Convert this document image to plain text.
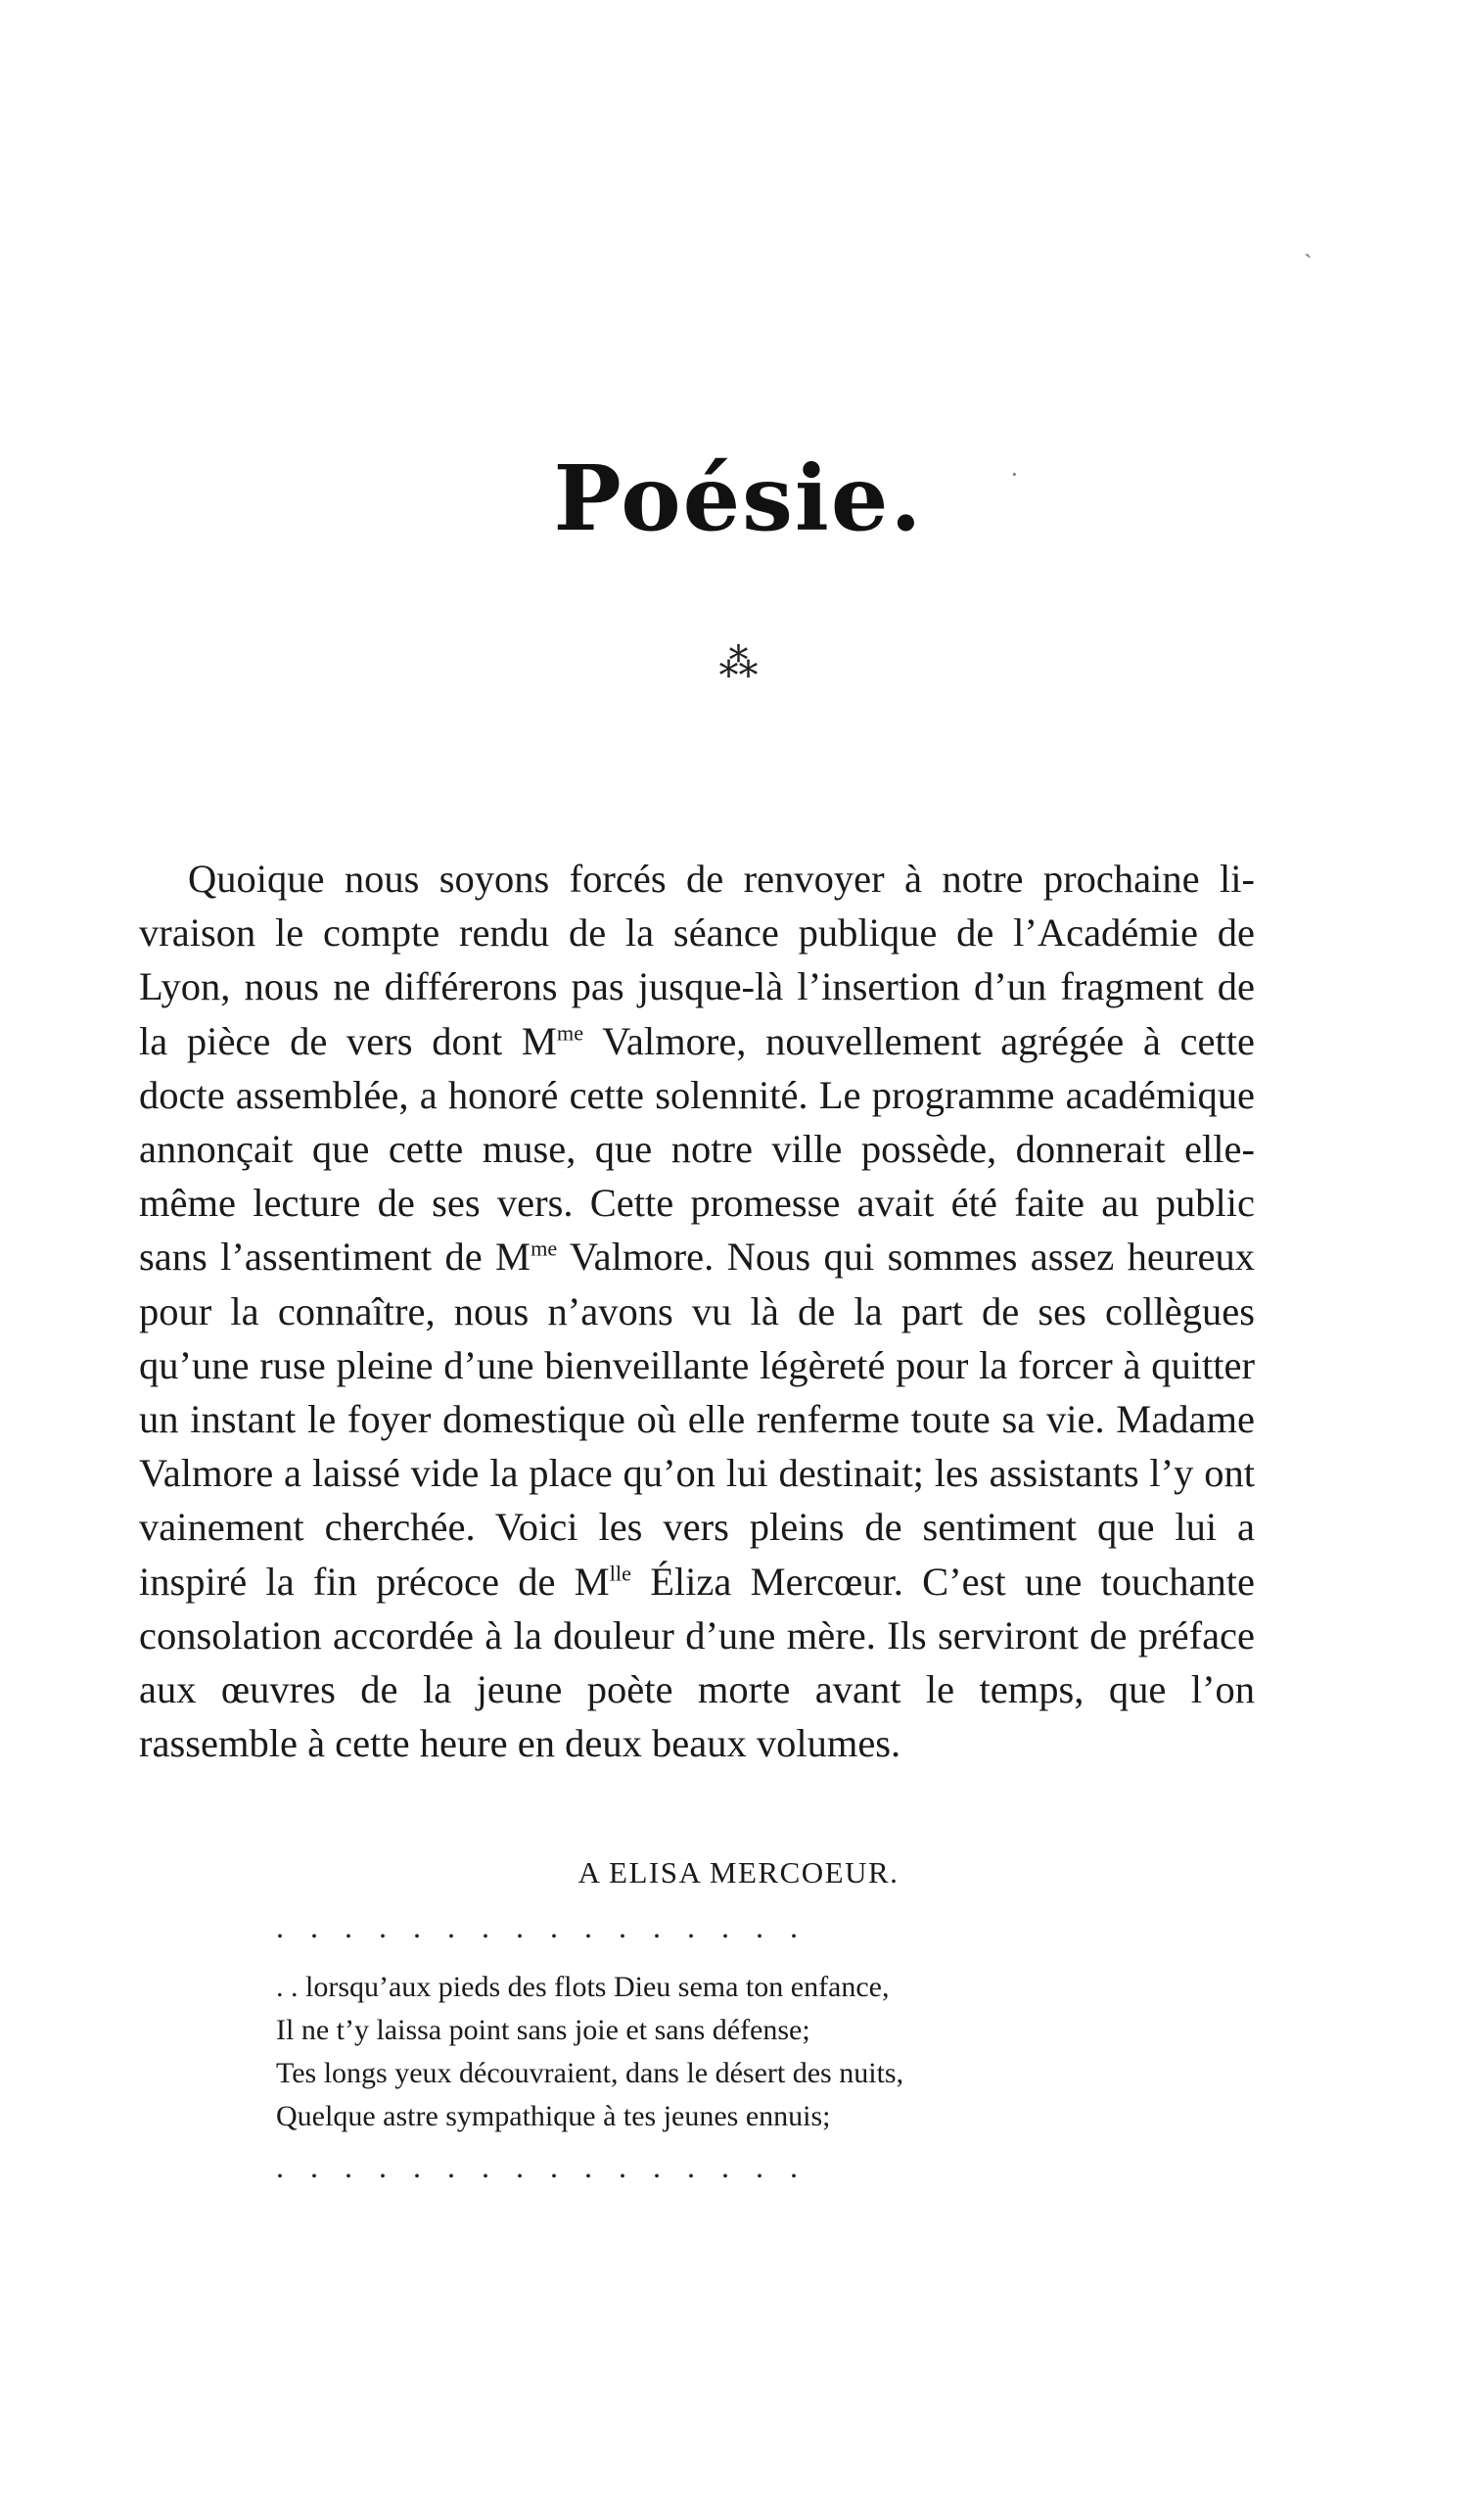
Poésie.
⁂

Quoique nous soyons forcés de renvoyer à notre prochaine livraison le compte rendu de la séance publique de l’Académie de Lyon, nous ne différerons pas jusque-là l’insertion d’un fragment de la pièce de vers dont $M^{me}$ Valmore, nouvellement agrégée à cette docte assemblée, a honoré cette solennité. Le programme académique annonçait que cette muse, que notre ville possède, donnerait elle-même lecture de ses vers. Cette promesse avait été faite au public sans l’assentiment de $M^{me}$ Valmore. Nous qui sommes assez heureux pour la connaître, nous n’avons vu là de la part de ses collègues qu’une ruse pleine d’une bienveillante légèreté pour la forcer à quitter un instant le foyer domestique où elle renferme toute sa vie. Madame Valmore a laissé vide la place qu’on lui destinait; les assistants l’y ont vainement cherchée. Voici les vers pleins de sentiment que lui a inspiré la fin précoce de $M^{lle}$ Éliza Mercœur. C’est une touchante consolation accordée à la douleur d’une mère. Ils serviront de préface aux œuvres de la jeune poète morte avant le temps, que l’on rassemble à cette heure en deux beaux volumes.

A ELISA MERCOEUR.
................
. . lorsqu’aux pieds des flots Dieu sema ton enfance,
Il ne t’y laissa point sans joie et sans défense;
Tes longs yeux découvraient, dans le désert des nuits,
Quelque astre sympathique à tes jeunes ennuis;
................
ˋ
·
